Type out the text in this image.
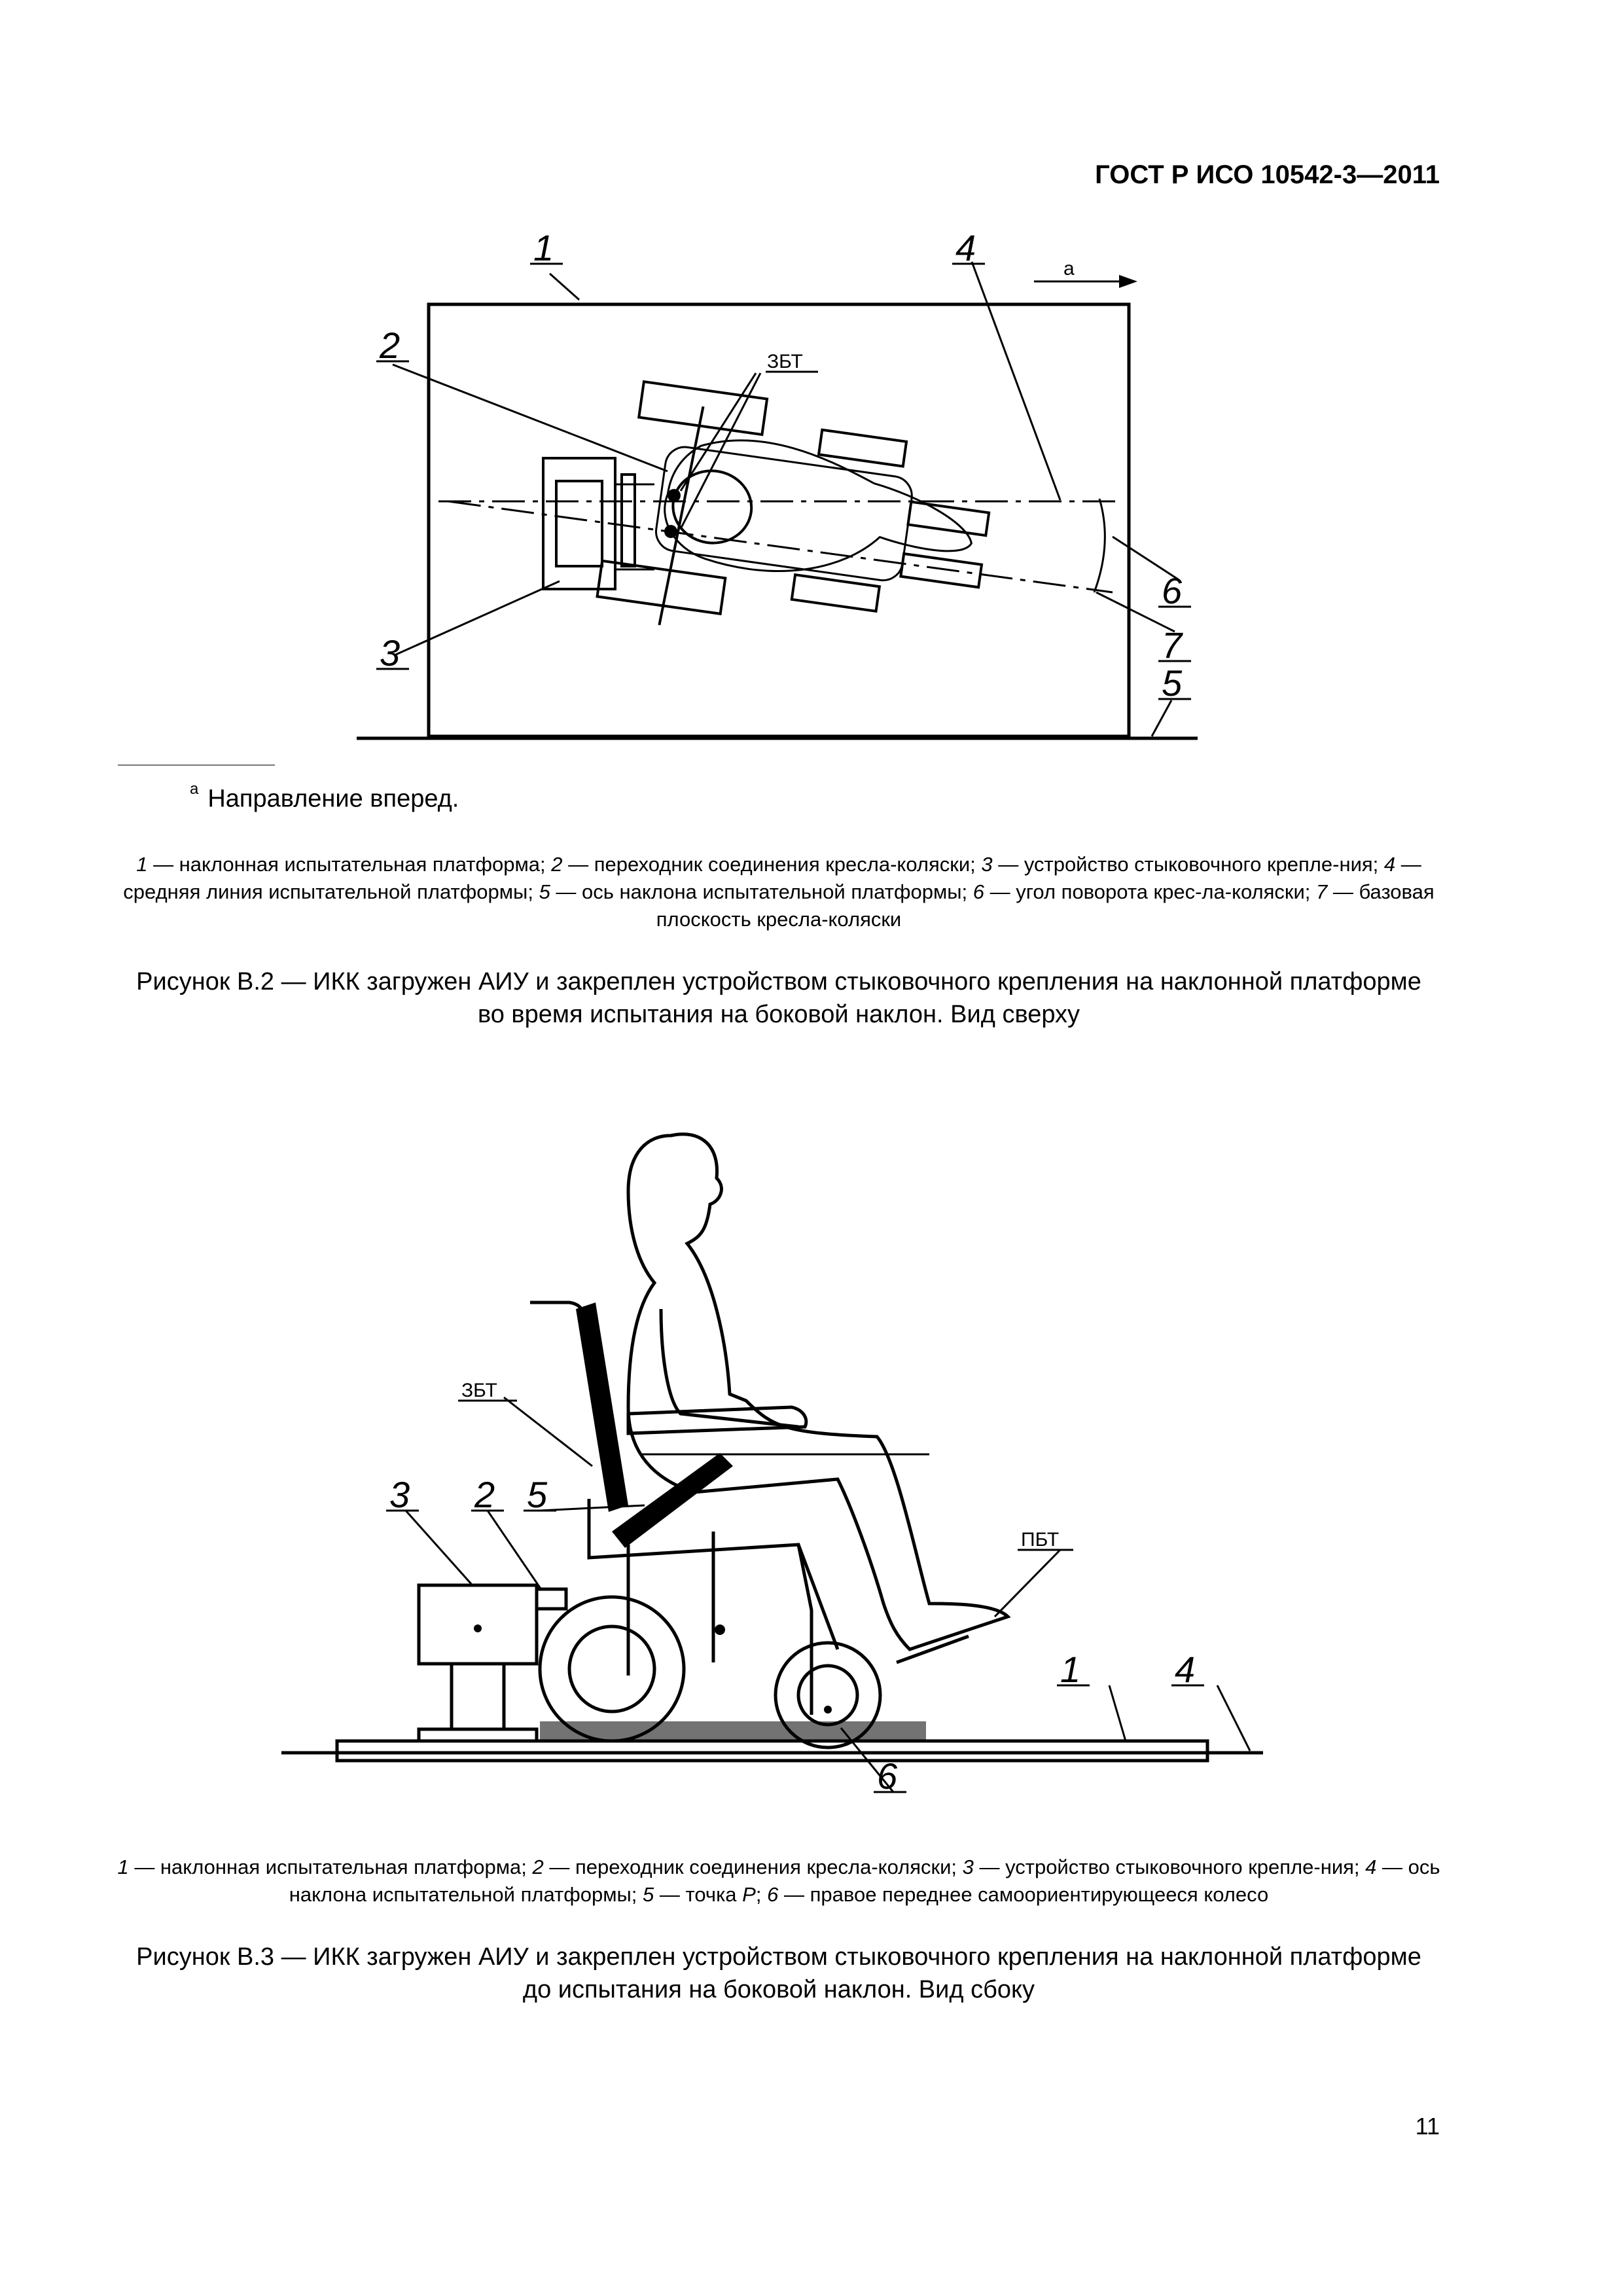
ГОСТ Р ИСО 10542-3—2011
1	4
2
3
6
7
5
ЗБТ
а
$^а$ Направление вперед.
1 — наклонная испытательная платформа; 2 — переходник соединения кресла-коляски; 3 — устройство стыковочного крепле-ния; 4 — средняя линия испытательной платформы; 5 — ось наклона испытательной платформы; 6 — угол поворота крес-ла-коляски; 7 — базовая плоскость кресла-коляски
Рисунок В.2 — ИКК загружен АИУ и закреплен устройством стыковочного крепления на наклонной платформе
во время испытания на боковой наклон. Вид сверху
3 2 5
ЗБТ
ПБТ
1	4
6
1 — наклонная испытательная платформа; 2 — переходник соединения кресла-коляски; 3 — устройство стыковочного крепле-ния; 4 — ось наклона испытательной платформы; 5 — точка P; 6 — правое переднее самоориентирующееся колесо
Рисунок В.3 — ИКК загружен АИУ и закреплен устройством стыковочного крепления на наклонной платформе
до испытания на боковой наклон. Вид сбоку
11
